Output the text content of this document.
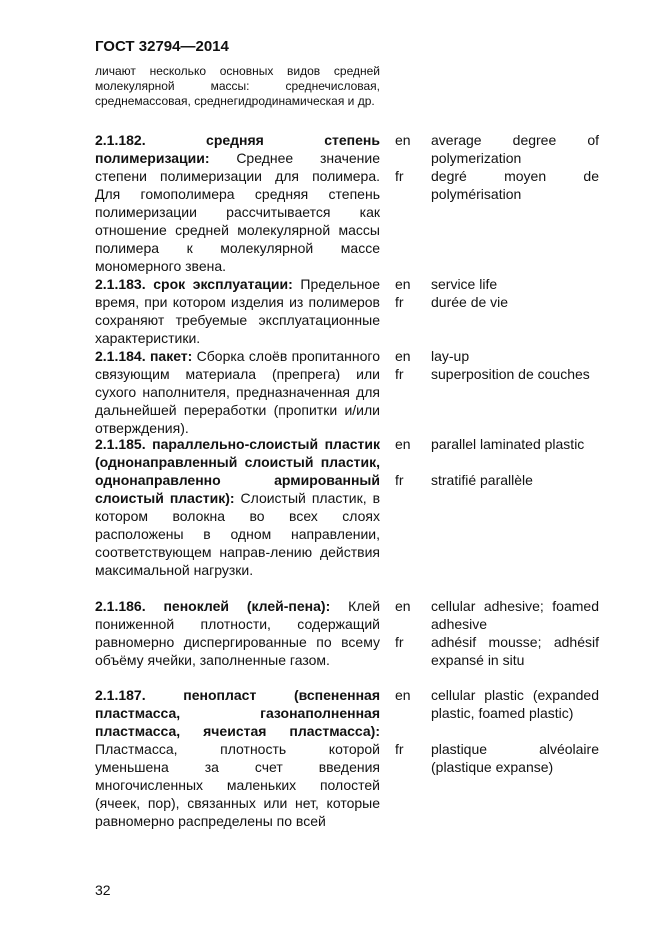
ГОСТ 32794—2014
личают несколько основных видов средней молекулярной массы: среднечисловая, среднемассовая, среднегидродинамическая и др.
2.1.182.	средняя степень полимеризации: Среднее значение степени полимеризации для полимера. Для гомополимера средняя степень полимеризации рассчитывается как отношение средней молекулярной массы полимера к молекулярной массе мономерного звена.
en average degree of polymerization
fr degré moyen de polymérisation
2.1.183. срок эксплуатации: Предельное время, при котором изделия из полимеров сохраняют требуемые эксплуатационные характеристики.
en service life
fr durée de vie
2.1.184. пакет: Сборка слоёв пропитанного связующим материала (препрега) или сухого наполнителя, предназначенная для дальнейшей переработки (пропитки и/или отверждения).
en lay-up
fr superposition de couches
2.1.185. параллельно-слоистый пластик (однонаправленный слоистый пластик, однонаправленно армированный слоистый пластик): Слоистый пластик, в котором волокна во всех слоях расположены в одном направлении, соответствующем направ-лению действия максимальной нагрузки.
en parallel laminated plastic
fr stratifié parallèle
2.1.186. пеноклей (клей-пена): Клей пониженной плотности, содержащий равномерно диспергированные по всему объёму ячейки, заполненные газом.
en cellular adhesive; foamed adhesive
fr adhésif mousse; adhésif expansé in situ
2.1.187.	пенопласт (вспененная пластмасса, газонаполненная пластмасса, ячеистая пластмасса): Пластмасса, плотность которой уменьшена за счет введения многочисленных маленьких полостей (ячеек, пор), связанных или нет, которые равномерно распределены по всей
en cellular plastic (expanded plastic, foamed plastic)
fr plastique alvéolaire (plastique expanse)
32
